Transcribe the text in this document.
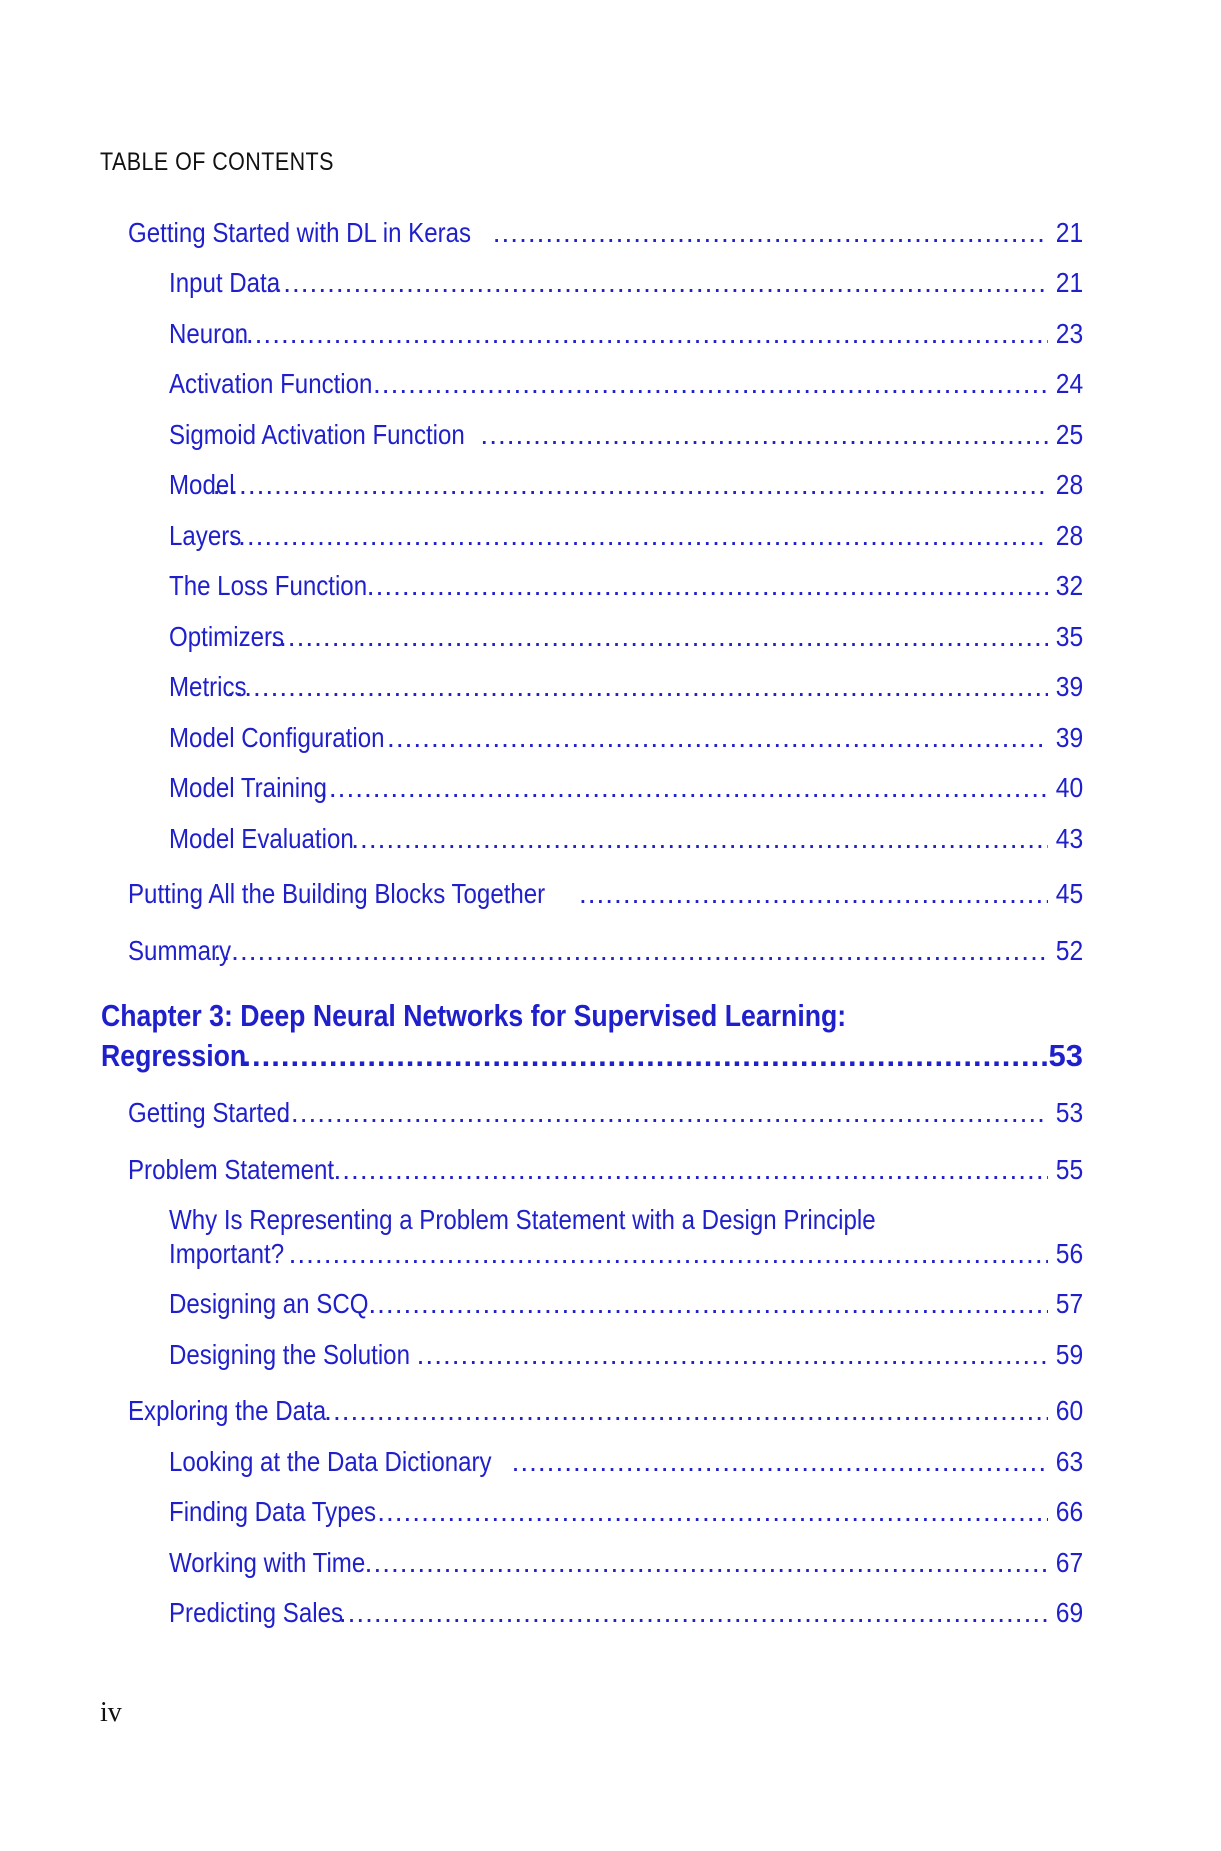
TABLE OF CONTENTS
Getting Started with DL in Keras .....	21
Input Data .....	21
Neuron .....	23
Activation Function .....	24
Sigmoid Activation Function .....	25
Model .....	28
Layers .....	28
The Loss Function .....	32
Optimizers .....	35
Metrics .....	39
Model Configuration .....	39
Model Training .....	40
Model Evaluation .....	43
Putting All the Building Blocks Together .....	45
Summary .....	52
Chapter 3: Deep Neural Networks for Supervised Learning:
Regression .....	53
Getting Started .....	53
Problem Statement .....	55
Why Is Representing a Problem Statement with a Design Principle
Important? .....	56
Designing an SCQ .....	57
Designing the Solution .....	59
Exploring the Data .....	60
Looking at the Data Dictionary .....	63
Finding Data Types .....	66
Working with Time .....	67
Predicting Sales .....	69
iv
